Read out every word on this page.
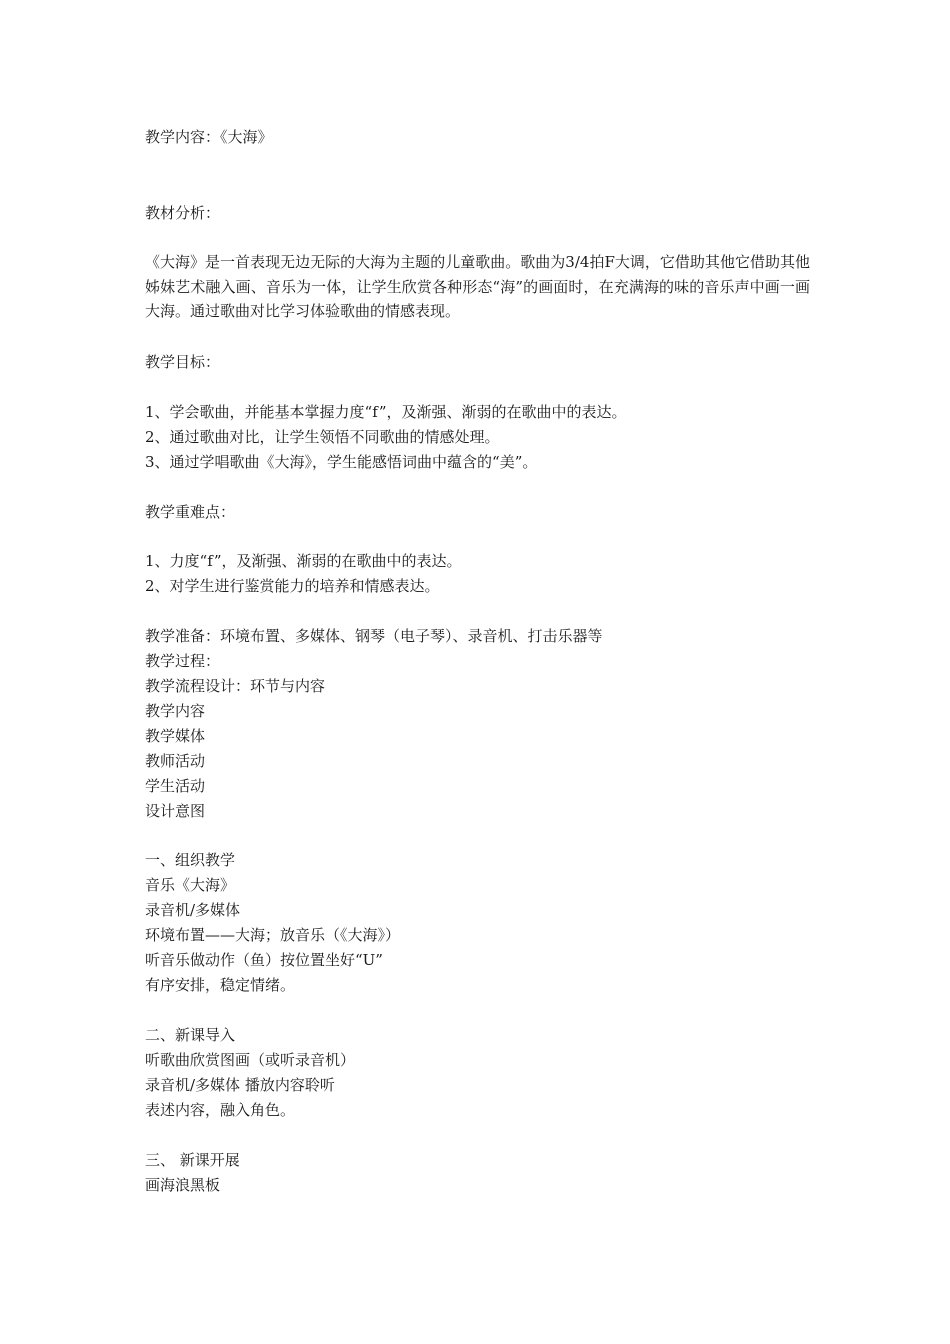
教学内容：《大海》
教材分析：
《大海》是一首表现无边无际的大海为主题的儿童歌曲。歌曲为3/4拍F大调，它借助其他它借助其他姊妹艺术融入画、音乐为一体，让学生欣赏各种形态“海”的画面时，在充满海的味的音乐声中画一画大海。通过歌曲对比学习体验歌曲的情感表现。
教学目标：
1、学会歌曲，并能基本掌握力度“f”，及渐强、渐弱的在歌曲中的表达。
2、通过歌曲对比，让学生领悟不同歌曲的情感处理。
3、通过学唱歌曲《大海》，学生能感悟词曲中蕴含的“美”。
教学重难点：
1、力度“f”，及渐强、渐弱的在歌曲中的表达。
2、对学生进行鉴赏能力的培养和情感表达。
教学准备：环境布置、多媒体、钢琴（电子琴）、录音机、打击乐器等
教学过程：
教学流程设计：环节与内容
教学内容
教学媒体
教师活动
学生活动
设计意图
一、组织教学
音乐《大海》
录音机/多媒体
环境布置——大海；放音乐（《大海》）
听音乐做动作（鱼）按位置坐好“U”
有序安排，稳定情绪。
二、新课导入
听歌曲欣赏图画（或听录音机）
录音机/多媒体 播放内容聆听
表述内容，融入角色。
三、 新课开展
画海浪黑板
